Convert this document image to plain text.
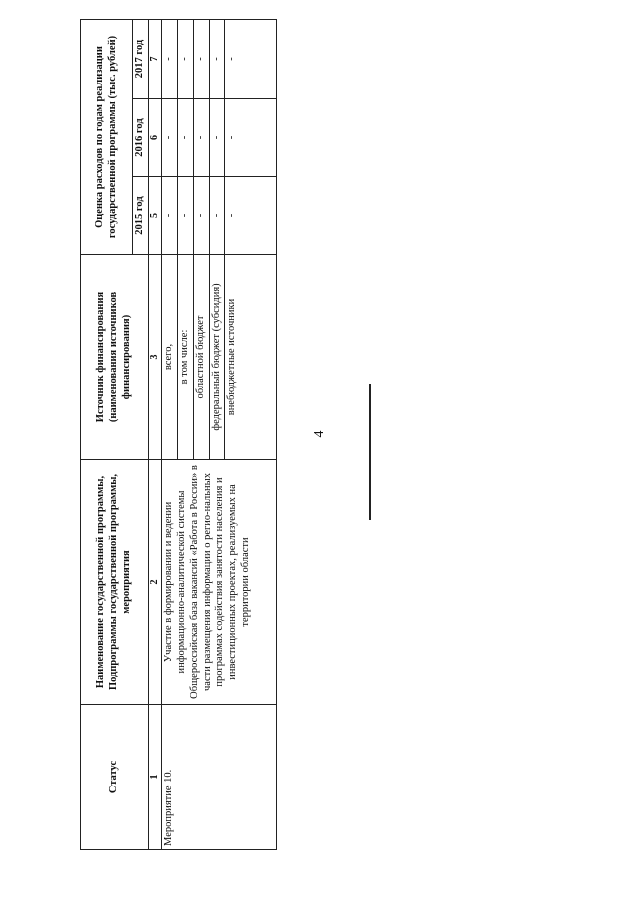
4
Статус	Наименование государственной программы, Подпрограммы государственной программы, мероприятия	Источник финансирования (наименования источников финансирования)	Оценка расходов по годам реализации государственной программы (тыс. рублей)		
			2015 год	2016 год	2017 год
1	2	3	5	6	7
Мероприятие 10.	Участие в формировании и ведении информационно-аналитической системы Общероссийская база вакансий «Работа в России» в части размещения информации о регио-нальных программах содействия занятости населения и инвестиционных проектах, реализуемых на территории области	всего,	-	-	-
		в том числе:	-	-	-
		областной бюджет	-	-	-
		федеральный бюджет (субсидия)	-	-	-
		внебюджетные источники	-	-	-
